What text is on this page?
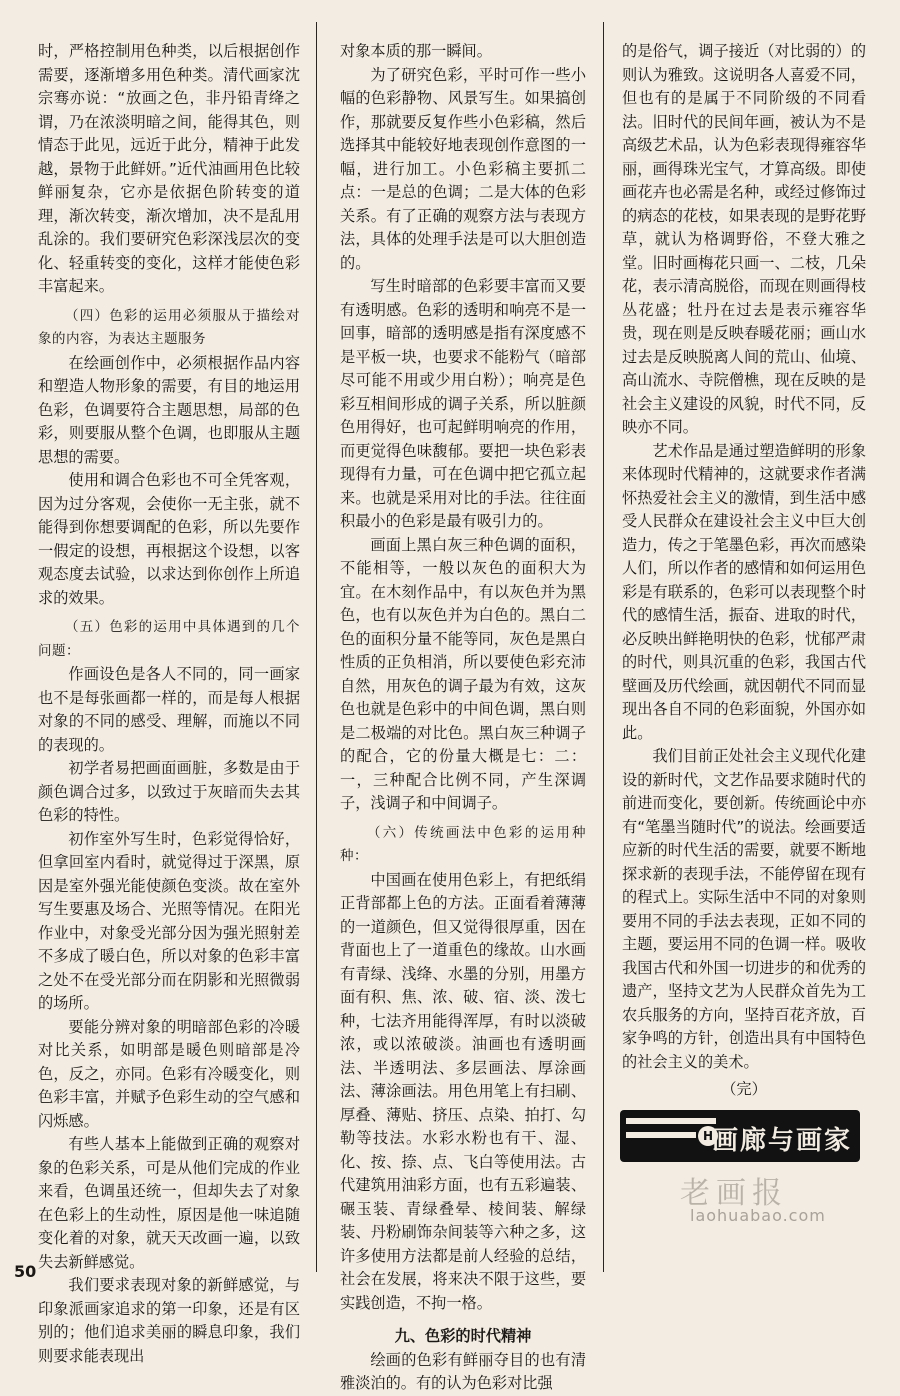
时，严格控制用色种类，以后根据创作需要，逐渐增多用色种类。清代画家沈宗骞亦说：“放画之色，非丹铅青绛之谓，乃在浓淡明暗之间，能得其色，则情态于此见，远近于此分，精神于此发越，景物于此鲜妍。”近代油画用色比较鲜丽复杂，它亦是依据色阶转变的道理，渐次转变，渐次增加，决不是乱用乱涂的。我们要研究色彩深浅层次的变化、轻重转变的变化，这样才能使色彩丰富起来。

（四）色彩的运用必须服从于描绘对象的内容，为表达主题服务

在绘画创作中，必须根据作品内容和塑造人物形象的需要，有目的地运用色彩，色调要符合主题思想，局部的色彩，则要服从整个色调，也即服从主题思想的需要。

使用和调合色彩也不可全凭客观，因为过分客观，会使你一无主张，就不能得到你想要调配的色彩，所以先要作一假定的设想，再根据这个设想，以客观态度去试验，以求达到你创作上所追求的效果。

（五）色彩的运用中具体遇到的几个问题：

作画设色是各人不同的，同一画家也不是每张画都一样的，而是每人根据对象的不同的感受、理解，而施以不同的表现的。

初学者易把画面画脏，多数是由于颜色调合过多，以致过于灰暗而失去其色彩的特性。

初作室外写生时，色彩觉得恰好，但拿回室内看时，就觉得过于深黑，原因是室外强光能使颜色变淡。故在室外写生要惠及场合、光照等情况。在阳光作业中，对象受光部分因为强光照射差不多成了暖白色，所以对象的色彩丰富之处不在受光部分而在阴影和光照微弱的场所。

要能分辨对象的明暗部色彩的冷暖对比关系，如明部是暖色则暗部是冷色，反之，亦同。色彩有冷暖变化，则色彩丰富，并赋予色彩生动的空气感和闪烁感。

有些人基本上能做到正确的观察对象的色彩关系，可是从他们完成的作业来看，色调虽还统一，但却失去了对象在色彩上的生动性，原因是他一味追随变化着的对象，就天天改画一遍，以致失去新鲜感觉。

我们要求表现对象的新鲜感觉，与印象派画家追求的第一印象，还是有区别的；他们追求美丽的瞬息印象，我们则要求能表现出

对象本质的那一瞬间。

为了研究色彩，平时可作一些小幅的色彩静物、风景写生。如果搞创作，那就要反复作些小色彩稿，然后选择其中能较好地表现创作意图的一幅，进行加工。小色彩稿主要抓二点：一是总的色调；二是大体的色彩关系。有了正确的观察方法与表现方法，具体的处理手法是可以大胆创造的。

写生时暗部的色彩要丰富而又要有透明感。色彩的透明和响亮不是一回事，暗部的透明感是指有深度感不是平板一块，也要求不能粉气（暗部尽可能不用或少用白粉）；响亮是色彩互相间形成的调子关系，所以脏颜色用得好，也可起鲜明响亮的作用，而更觉得色味馥郁。要把一块色彩表现得有力量，可在色调中把它孤立起来。也就是采用对比的手法。往往面积最小的色彩是最有吸引力的。

画面上黑白灰三种色调的面积，不能相等，一般以灰色的面积大为宜。在木刻作品中，有以灰色并为黑色，也有以灰色并为白色的。黑白二色的面积分量不能等同，灰色是黑白性质的正负相消，所以要使色彩充沛自然，用灰色的调子最为有效，这灰色也就是色彩中的中间色调，黑白则是二极端的对比色。黑白灰三种调子的配合，它的份量大概是七：二：一，三种配合比例不同，产生深调子，浅调子和中间调子。

（六）传统画法中色彩的运用种种：

中国画在使用色彩上，有把纸绢正背部都上色的方法。正面看着薄薄的一道颜色，但又觉得很厚重，因在背面也上了一道重色的缘故。山水画有青绿、浅绛、水墨的分别，用墨方面有积、焦、浓、破、宿、淡、泼七种，七法齐用能得浑厚，有时以淡破浓，或以浓破淡。油画也有透明画法、半透明法、多层画法、厚涂画法、薄涂画法。用色用笔上有扫刷、厚叠、薄贴、挤压、点染、拍打、勾勒等技法。水彩水粉也有干、湿、化、按、捺、点、飞白等使用法。古代建筑用油彩方面，也有五彩遍装、碾玉装、青绿叠晕、棱间装、解绿装、丹粉刷饰杂间装等六种之多，这许多使用方法都是前人经验的总结，社会在发展，将来决不限于这些，要实践创造，不拘一格。

九、色彩的时代精神

绘画的色彩有鲜丽夺目的也有清雅淡泊的。有的认为色彩对比强

的是俗气，调子接近（对比弱的）的则认为雅致。这说明各人喜爱不同，但也有的是属于不同阶级的不同看法。旧时代的民间年画，被认为不是高级艺术品，认为色彩表现得雍容华丽，画得珠光宝气，才算高级。即使画花卉也必需是名种，或经过修饰过的病态的花枝，如果表现的是野花野草，就认为格调野俗，不登大雅之堂。旧时画梅花只画一、二枝，几朵花，表示清高脱俗，而现在则画得枝丛花盛；牡丹在过去是表示雍容华贵，现在则是反映春暖花丽；画山水过去是反映脱离人间的荒山、仙境、高山流水、寺院僧樵，现在反映的是社会主义建设的风貌，时代不同，反映亦不同。

艺术作品是通过塑造鲜明的形象来体现时代精神的，这就要求作者满怀热爱社会主义的激情，到生活中感受人民群众在建设社会主义中巨大创造力，传之于笔墨色彩，再次而感染人们，所以作者的感情和如何运用色彩是有联系的，色彩可以表现整个时代的感情生活，振奋、进取的时代，必反映出鲜艳明快的色彩，忧郁严肃的时代，则具沉重的色彩，我国古代壁画及历代绘画，就因朝代不同而显现出各自不同的色彩面貌，外国亦如此。

我们目前正处社会主义现代化建设的新时代，文艺作品要求随时代的前进而变化，要创新。传统画论中亦有“笔墨当随时代”的说法。绘画要适应新的时代生活的需要，就要不断地探求新的表现手法，不能停留在现有的程式上。实际生活中不同的对象则要用不同的手法去表现，正如不同的主题，要运用不同的色调一样。吸收我国古代和外国一切进步的和优秀的遗产，坚持文艺为人民群众首先为工农兵服务的方向，坚持百花齐放，百家争鸣的方针，创造出具有中国特色的社会主义的美术。

（完）

H
画廊与画家
老画报
laohuabao.com
50
